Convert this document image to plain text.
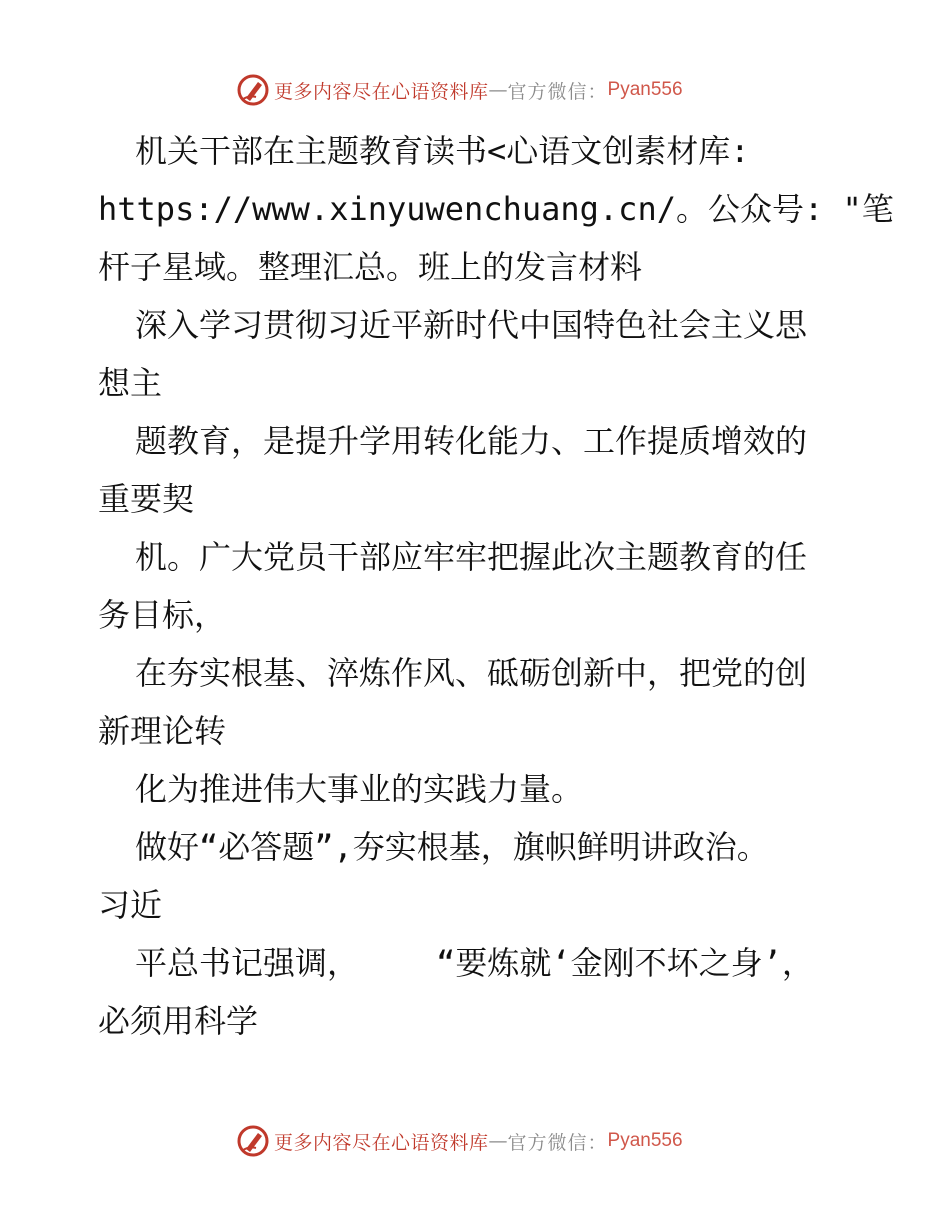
更多内容尽在心语资料库 — 官方微信： Pyan556
机关干部在主题教育读书<心语文创素材库:
https://www.xinyuwenchuang.cn/。公众号: "笔
杆子星域。整理汇总。班上的发言材料
深入学习贯彻习近平新时代中国特色社会主义思
想主
题教育，是提升学用转化能力、工作提质增效的
重要契
机。广大党员干部应牢牢把握此次主题教育的任
务目标，
在夯实根基、淬炼作风、砥砺创新中，把党的创
新理论转
化为推进伟大事业的实践力量。
做好“必答题”,夯实根基，旗帜鲜明讲政治。
习近
平总书记强调，    “要炼就‘金刚不坏之身’，
必须用科学
更多内容尽在心语资料库 — 官方微信： Pyan556
